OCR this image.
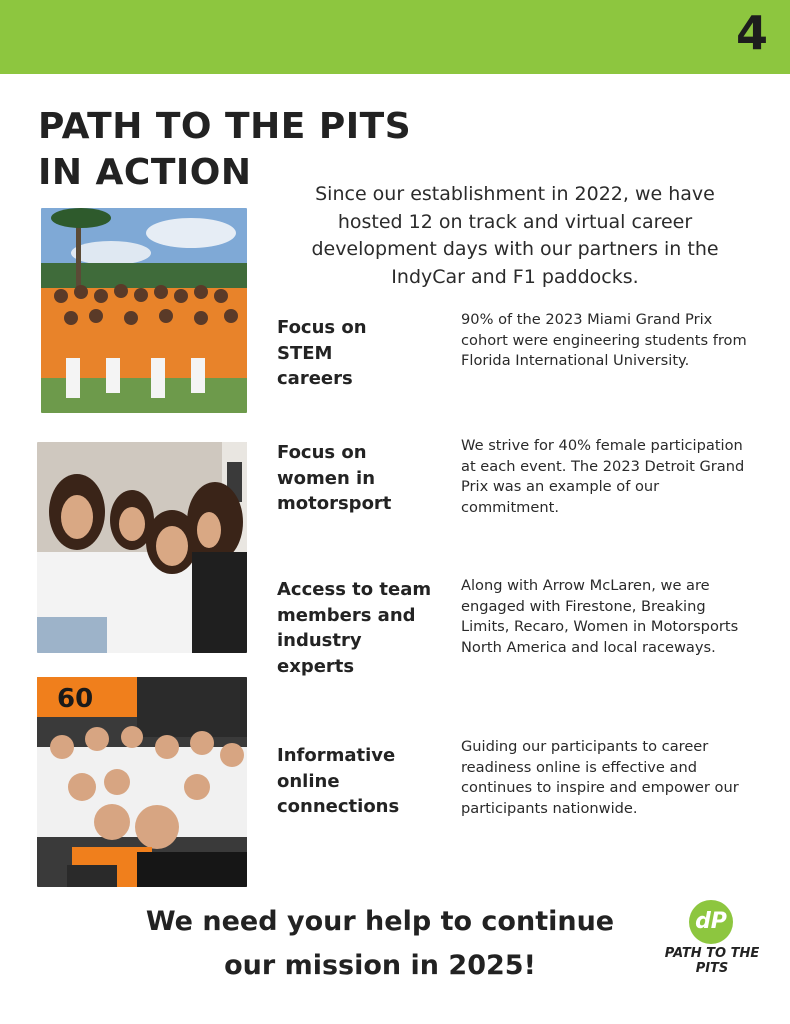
4
PATH TO THE PITS
IN ACTION
Since our establishment in 2022, we have hosted 12 on track and virtual career development days with our partners in the IndyCar and F1 paddocks.
60
Focus on
STEM
careers
90% of the 2023 Miami Grand Prix cohort were engineering students from Florida International University.
Focus on
women in
motorsport
We strive for 40% female participation at each event. The 2023 Detroit Grand Prix was an example of our commitment.
Access to team
members and
industry
experts
Along with Arrow McLaren, we are engaged with Firestone, Breaking Limits, Recaro, Women in Motorsports North America and local raceways.
Informative
online
connections
Guiding our participants to career readiness online is effective and continues to inspire and empower our participants nationwide.
We need your help to continue
our mission in 2025!
dP
PATH TO THE PITS
